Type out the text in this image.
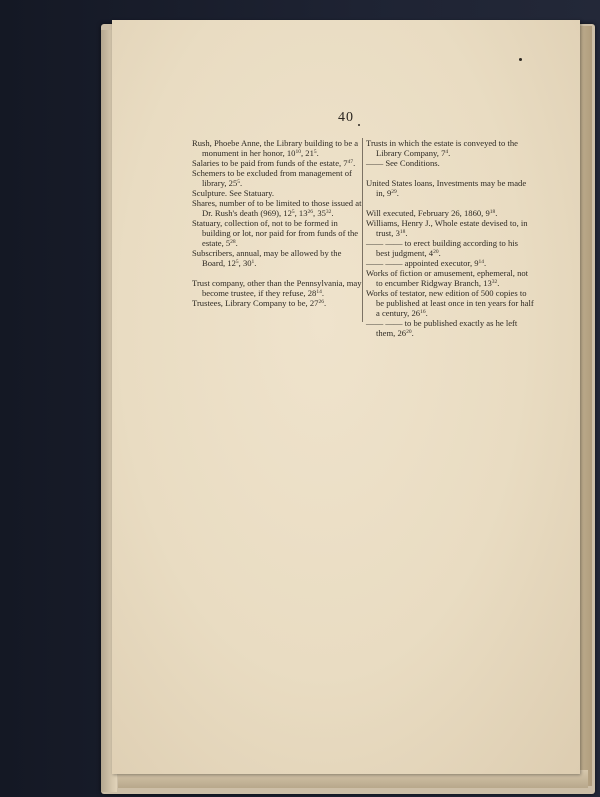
40

Rush, Phoebe Anne, the Library building to be a monument in her honor, $10^{10}$, $21^5$.

Salaries to be paid from funds of the estate, $7^{47}$.

Schemers to be excluded from management of library, $25^5$.

Sculpture. See Statuary.

Shares, number of to be limited to those issued at Dr. Rush's death (969), $12^5$, $13^{26}$, $35^{32}$.

Statuary, collection of, not to be formed in building or lot, nor paid for from funds of the estate, $5^{28}$.

Subscribers, annual, may be allowed by the Board, $12^5$, $30^1$.

Trust company, other than the Pennsylvania, may become trustee, if they refuse, $28^{14}$.

Trustees, Library Company to be, $27^{26}$.

Trusts in which the estate is conveyed to the Library Company, $7^4$.

—— See Conditions.

United States loans, Investments may be made in, $9^{29}$.

Will executed, February 26, 1860, $9^{18}$.

Williams, Henry J., Whole estate devised to, in trust, $3^{18}$.

—— —— to erect building according to his best judgment, $4^{20}$.

—— —— appointed executor, $9^{14}$.

Works of fiction or amusement, ephemeral, not to encumber Ridgway Branch, $13^{32}$.

Works of testator, new edition of 500 copies to be published at least once in ten years for half a century, $26^{16}$.

—— —— to be published exactly as he left them, $26^{20}$.
